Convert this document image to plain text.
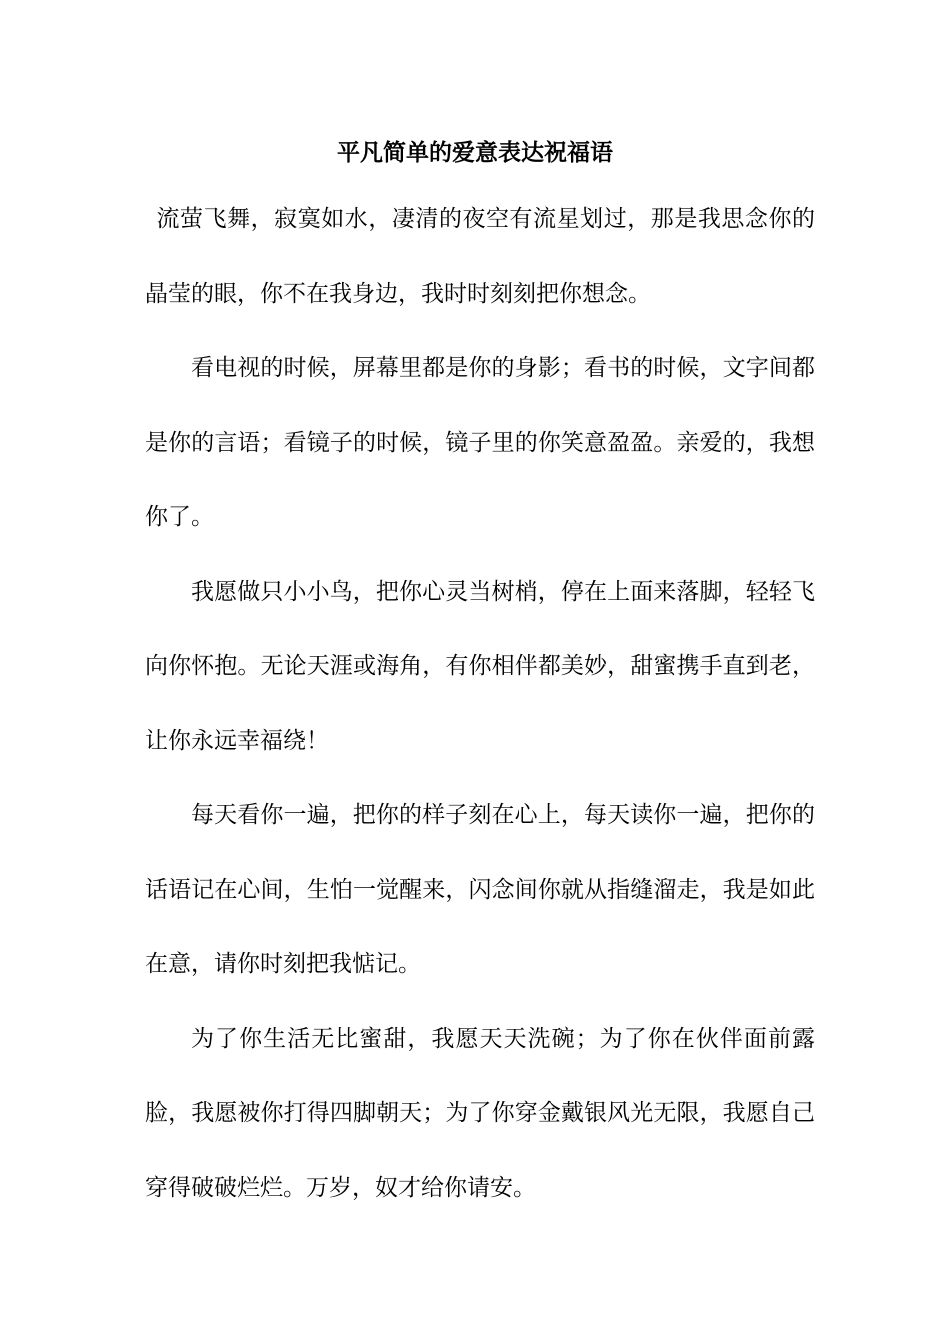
平凡简单的爱意表达祝福语

流萤飞舞，寂寞如水，凄清的夜空有流星划过，那是我思念你的晶莹的眼，你不在我身边，我时时刻刻把你想念。

看电视的时候，屏幕里都是你的身影；看书的时候，文字间都是你的言语；看镜子的时候，镜子里的你笑意盈盈。亲爱的，我想你了。

我愿做只小小鸟，把你心灵当树梢，停在上面来落脚，轻轻飞向你怀抱。无论天涯或海角，有你相伴都美妙，甜蜜携手直到老，让你永远幸福绕！

每天看你一遍，把你的样子刻在心上，每天读你一遍，把你的话语记在心间，生怕一觉醒来，闪念间你就从指缝溜走，我是如此在意，请你时刻把我惦记。

为了你生活无比蜜甜，我愿天天洗碗；为了你在伙伴面前露脸，我愿被你打得四脚朝天；为了你穿金戴银风光无限，我愿自己穿得破破烂烂。万岁，奴才给你请安。
